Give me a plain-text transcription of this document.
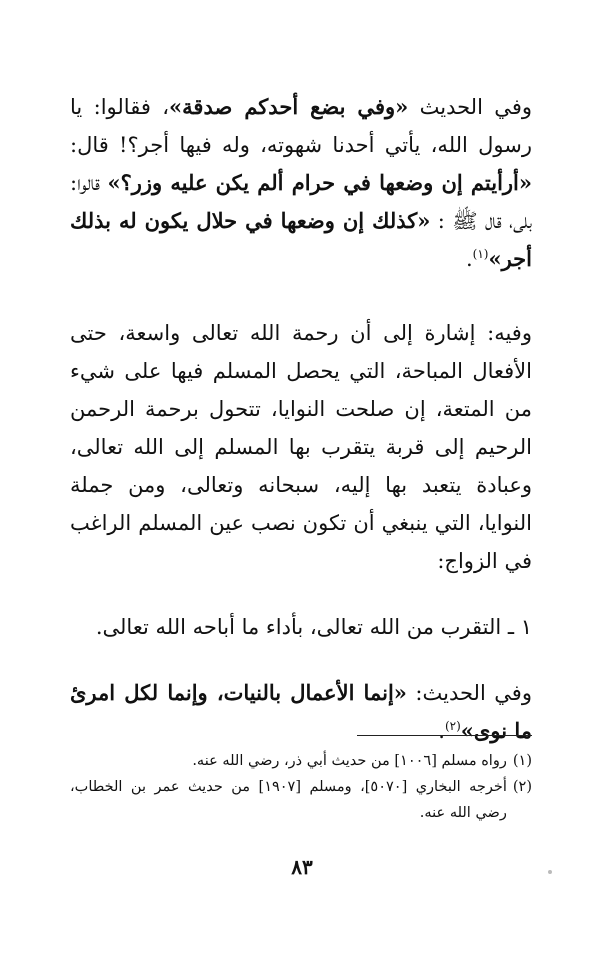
وفي الحديث «وفي بضع أحدكم صدقة»، فقالوا: يا رسول الله، يأتي أحدنا شهوته، وله فيها أجر؟! قال: «أرأيتم إن وضعها في حرام ألم يكن عليه وزر؟» قالوا: بلى، قال ﷺ : «كذلك إن وضعها في حلال يكون له بذلك أجر»$^{(١)}$.

وفيه: إشارة إلى أن رحمة الله تعالى واسعة، حتى الأفعال المباحة، التي يحصل المسلم فيها على شيء من المتعة، إن صلحت النوايا، تتحول برحمة الرحمن الرحيم إلى قربة يتقرب بها المسلم إلى الله تعالى، وعبادة يتعبد بها إليه، سبحانه وتعالى، ومن جملة النوايا، التي ينبغي أن تكون نصب عين المسلم الراغب في الزواج:

١ ـ التقرب من الله تعالى، بأداء ما أباحه الله تعالى.

وفي الحديث: «إنما الأعمال بالنيات، وإنما لكل امرئ ما نوى»$^{(٢)}$.

(١)
رواه مسلم [١٠٠٦] من حديث أبي ذر، رضي الله عنه.
(٢)
أخرجه البخاري [٥٠٧٠]، ومسلم [١٩٠٧] من حديث عمر بن الخطاب، رضي الله عنه.
٨٣
